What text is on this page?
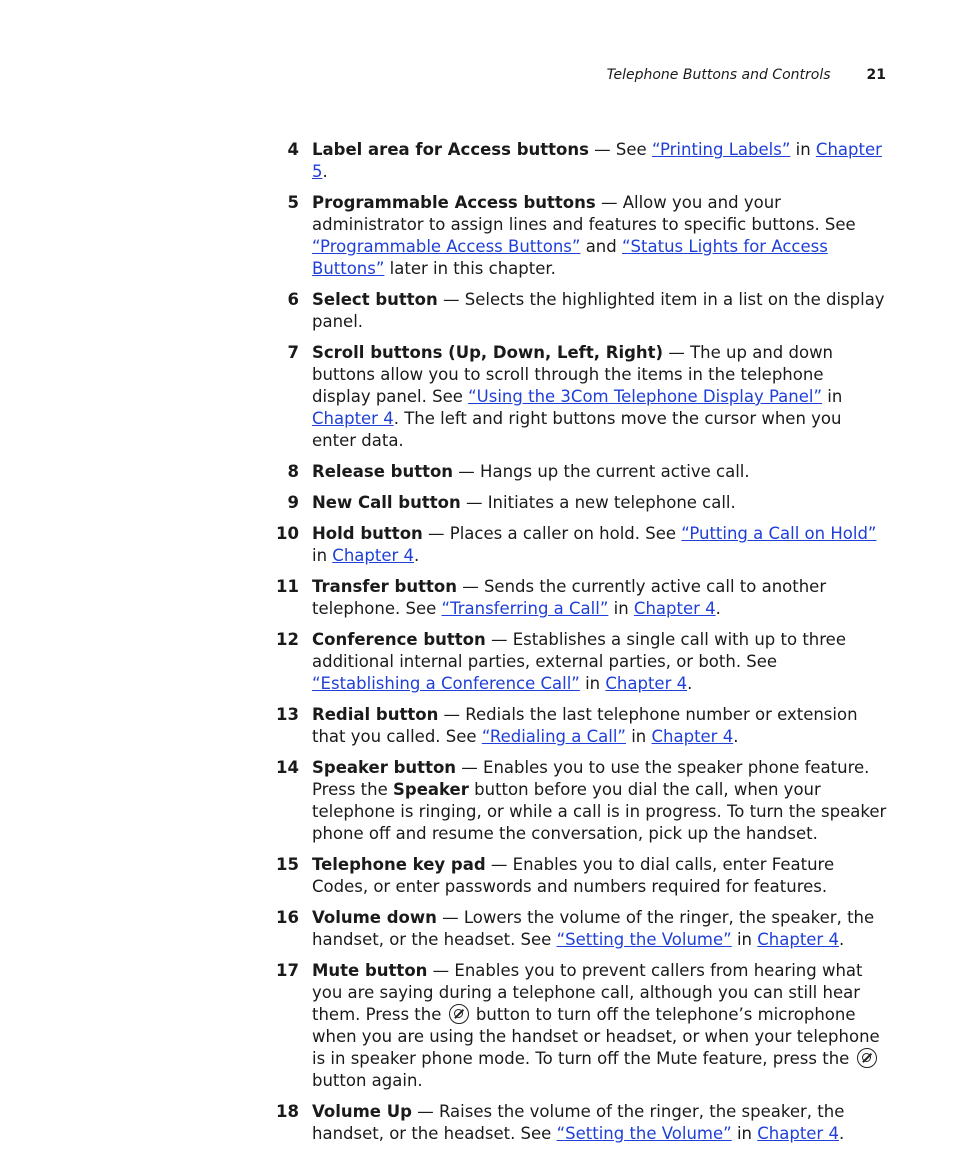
Telephone Buttons and Controls	21
4 Label area for Access buttons — See “Printing Labels” in Chapter 5.
5 Programmable Access buttons — Allow you and your administrator to assign lines and features to specific buttons. See “Programmable Access Buttons” and “Status Lights for Access Buttons” later in this chapter.
6 Select button — Selects the highlighted item in a list on the display panel.
7 Scroll buttons (Up, Down, Left, Right) — The up and down buttons allow you to scroll through the items in the telephone display panel. See “Using the 3Com Telephone Display Panel” in Chapter 4. The left and right buttons move the cursor when you enter data.
8 Release button — Hangs up the current active call.
9 New Call button — Initiates a new telephone call.
10 Hold button — Places a caller on hold. See “Putting a Call on Hold” in Chapter 4.
11 Transfer button — Sends the currently active call to another telephone. See “Transferring a Call” in Chapter 4.
12 Conference button — Establishes a single call with up to three additional internal parties, external parties, or both. See “Establishing a Conference Call” in Chapter 4.
13 Redial button — Redials the last telephone number or extension that you called. See “Redialing a Call” in Chapter 4.
14 Speaker button — Enables you to use the speaker phone feature. Press the Speaker button before you dial the call, when your telephone is ringing, or while a call is in progress. To turn the speaker phone off and resume the conversation, pick up the handset.
15 Telephone key pad — Enables you to dial calls, enter Feature Codes, or enter passwords and numbers required for features.
16 Volume down — Lowers the volume of the ringer, the speaker, the handset, or the headset. See “Setting the Volume” in Chapter 4.
17 Mute button — Enables you to prevent callers from hearing what you are saying during a telephone call, although you can still hear them. Press the  button to turn off the telephone’s microphone when you are using the handset or headset, or when your telephone is in speaker phone mode. To turn off the Mute feature, press the  button again.
18 Volume Up — Raises the volume of the ringer, the speaker, the handset, or the headset. See “Setting the Volume” in Chapter 4.
